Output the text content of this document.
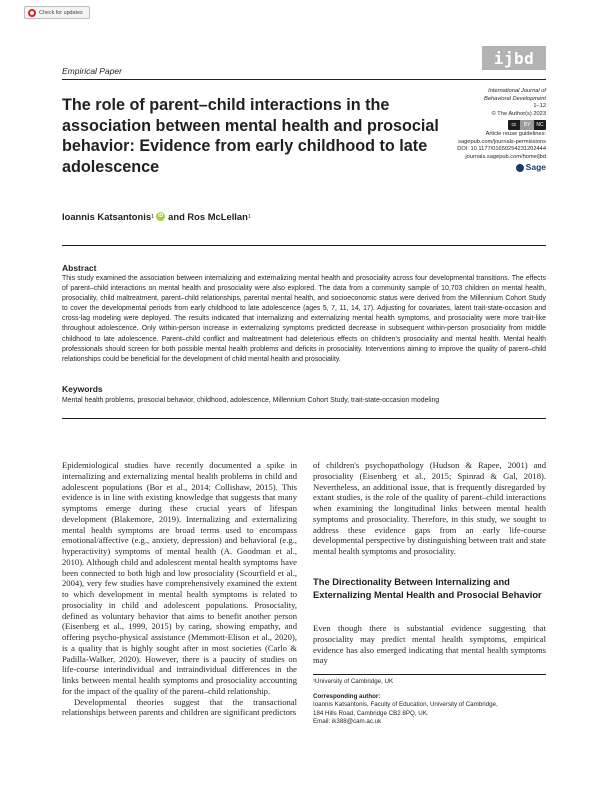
Check for updates
ijbd
Empirical Paper
The role of parent–child interactions in the association between mental health and prosocial behavior: Evidence from early childhood to late adolescence
International Journal of
Behavioral Development
1–12
© The Author(s) 2023
cc	BY	NC
Article reuse guidelines:
sagepub.com/journals-permissions
DOI: 10.1177/01650254231202444
journals.sagepub.com/home/jbd
Sage
Ioannis Katsantonis 1 iD and Ros McLellan 1
Abstract

This study examined the association between internalizing and externalizing mental health and prosociality across four developmental transitions. The effects of parent–child interactions on mental health and prosociality were also explored. The data from a community sample of 10,703 children on mental health, prosociality, child maltreatment, parent–child relationships, parental mental health, and socioeconomic status were derived from the Millennium Cohort Study to cover the developmental periods from early childhood to late adolescence (ages 5, 7, 11, 14, 17). Adjusting for covariates, latent trait-state-occasion and cross-lag modeling were deployed. The results indicated that internalizing and externalizing mental health symptoms, and prosociality were more trait-like throughout adolescence. Only within-person increase in externalizing symptoms predicted decrease in subsequent within-person prosociality from middle childhood to late adolescence. Parent–child conflict and maltreatment had deleterious effects on children's prosociality and mental health. Mental health professionals should screen for both possible mental health problems and deficits in prosociality. Interventions aiming to improve the quality of parent–child relationships could be beneficial for the development of child mental health and prosociality.

Keywords

Mental health problems, prosocial behavior, childhood, adolescence, Millennium Cohort Study, trait-state-occasion modeling

Epidemiological studies have recently documented a spike in internalizing and externalizing mental health problems in child and adolescent populations (Bor et al., 2014; Collishaw, 2015). This evidence is in line with existing knowledge that suggests that many symptoms emerge during these crucial years of lifespan development (Blakemore, 2019). Internalizing and externalizing mental health symptoms are broad terms used to encompass emotional/affective (e.g., anxiety, depression) and behavioral (e.g., hyperactivity) symptoms of mental health (A. Goodman et al., 2010). Although child and adolescent mental health symptoms have been connected to both high and low prosociality (Scourfield et al., 2004), very few studies have comprehensively examined the extent to which development in mental health symptoms is related to prosociality in child and adolescent populations. Prosociality, defined as voluntary behavior that aims to benefit another person (Eisenberg et al., 1999, 2015) by caring, showing empathy, and offering psycho-physical assistance (Memmott-Elison et al., 2020), is a quality that is highly sought after in most societies (Carlo & Padilla-Walker, 2020). However, there is a paucity of studies on life-course interindividual and intraindividual differences in the links between mental health symptoms and prosociality accounting for the impact of the quality of the parent–child relationship.

Developmental theories suggest that the transactional relationships between parents and children are significant predictors

of children's psychopathology (Hudson & Rapee, 2001) and prosociality (Eisenberg et al., 2015; Spinrad & Gal, 2018). Nevertheless, an additional issue, that is frequently disregarded by extant studies, is the role of the quality of parent–child interactions when examining the longitudinal links between mental health symptoms and prosociality. Therefore, in this study, we sought to address these evidence gaps from an early life-course developmental perspective by distinguishing between trait and state mental health symptoms and prosociality.

The Directionality Between Internalizing and Externalizing Mental Health and Prosocial Behavior

Even though there is substantial evidence suggesting that prosociality may predict mental health symptoms, empirical evidence has also emerged indicating that mental health symptoms may

¹University of Cambridge, UK
Corresponding author:
Ioannis Katsantonis, Faculty of Education, University of Cambridge,
184 Hills Road, Cambridge CB2 8PQ, UK.
Email: ik388@cam.ac.uk
